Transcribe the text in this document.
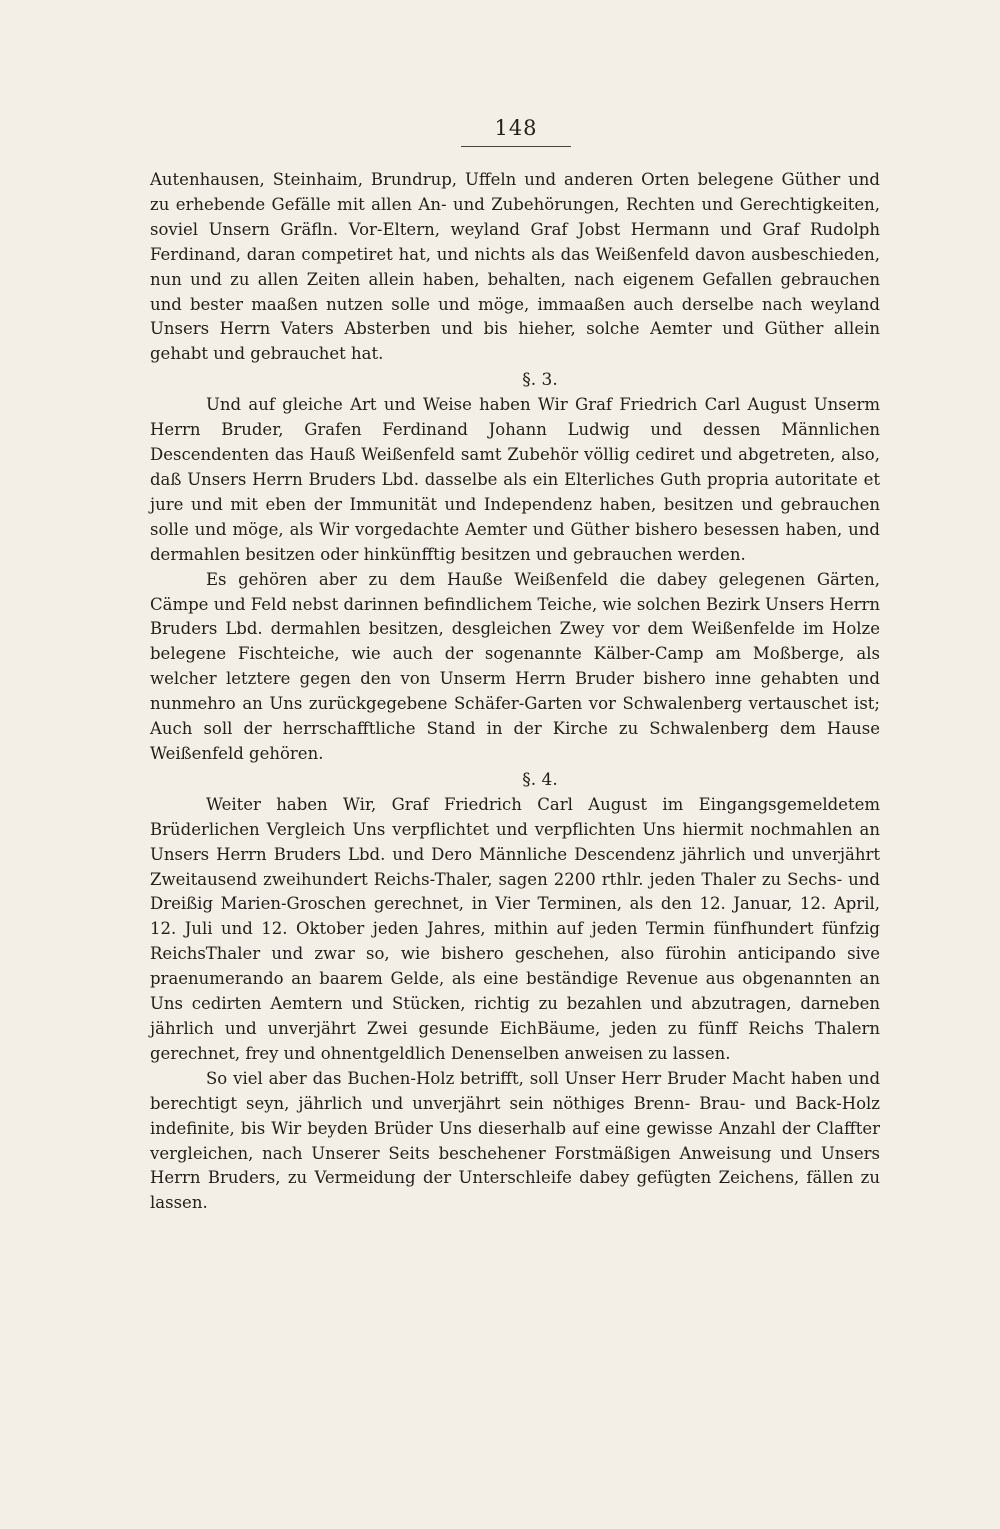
148

Autenhausen, Steinhaim, Brundrup, Uffeln und anderen Orten belegene Güther und zu erhebende Gefälle mit allen An- und Zubehörungen, Rechten und Gerechtigkeiten, soviel Unsern Gräfln. Vor-Eltern, weyland Graf Jobst Hermann und Graf Rudolph Ferdinand, daran competiret hat, und nichts als das Weißenfeld davon ausbeschieden, nun und zu allen Zeiten allein haben, behalten, nach eigenem Gefallen gebrauchen und bester maaßen nutzen solle und möge, immaaßen auch derselbe nach weyland Unsers Herrn Vaters Absterben und bis hieher, solche Aemter und Güther allein gehabt und gebrauchet hat.

§. 3.

Und auf gleiche Art und Weise haben Wir Graf Friedrich Carl August Unserm Herrn Bruder, Grafen Ferdinand Johann Ludwig und dessen Männlichen Descendenten das Hauß Weißenfeld samt Zubehör völlig cediret und abgetreten, also, daß Unsers Herrn Bruders Lbd. dasselbe als ein Elterliches Guth propria autoritate et jure und mit eben der Immunität und Independenz haben, besitzen und gebrauchen solle und möge, als Wir vorgedachte Aemter und Güther bishero besessen haben, und dermahlen besitzen oder hinkünfftig besitzen und gebrauchen werden.

Es gehören aber zu dem Hauße Weißenfeld die dabey gelegenen Gärten, Cämpe und Feld nebst darinnen befindlichem Teiche, wie solchen Bezirk Unsers Herrn Bruders Lbd. dermahlen besitzen, desgleichen Zwey vor dem Weißenfelde im Holze belegene Fischteiche, wie auch der sogenannte Kälber-Camp am Moßberge, als welcher letztere gegen den von Unserm Herrn Bruder bishero inne gehabten und nunmehro an Uns zurückgegebene Schäfer-Garten vor Schwalenberg vertauschet ist; Auch soll der herrschafftliche Stand in der Kirche zu Schwalenberg dem Hause Weißenfeld gehören.

§. 4.

Weiter haben Wir, Graf Friedrich Carl August im Eingangsgemeldetem Brüderlichen Vergleich Uns verpflichtet und verpflichten Uns hiermit nochmahlen an Unsers Herrn Bruders Lbd. und Dero Männliche Descendenz jährlich und unverjährt Zweitausend zweihundert Reichs-Thaler, sagen 2200 rthlr. jeden Thaler zu Sechs- und Dreißig Marien-Groschen gerechnet, in Vier Terminen, als den 12. Januar, 12. April, 12. Juli und 12. Oktober jeden Jahres, mithin auf jeden Termin fünfhundert fünfzig ReichsThaler und zwar so, wie bishero geschehen, also fürohin anticipando sive praenumerando an baarem Gelde, als eine beständige Revenue aus obgenannten an Uns cedirten Aemtern und Stücken, richtig zu bezahlen und abzutragen, darneben jährlich und unverjährt Zwei gesunde EichBäume, jeden zu fünff Reichs Thalern gerechnet, frey und ohnentgeldlich Denenselben anweisen zu lassen.

So viel aber das Buchen-Holz betrifft, soll Unser Herr Bruder Macht haben und berechtigt seyn, jährlich und unverjährt sein nöthiges Brenn- Brau- und Back-Holz indefinite, bis Wir beyden Brüder Uns dieserhalb auf eine gewisse Anzahl der Claffter vergleichen, nach Unserer Seits beschehener Forstmäßigen Anweisung und Unsers Herrn Bruders, zu Vermeidung der Unterschleife dabey gefügten Zeichens, fällen zu lassen.
